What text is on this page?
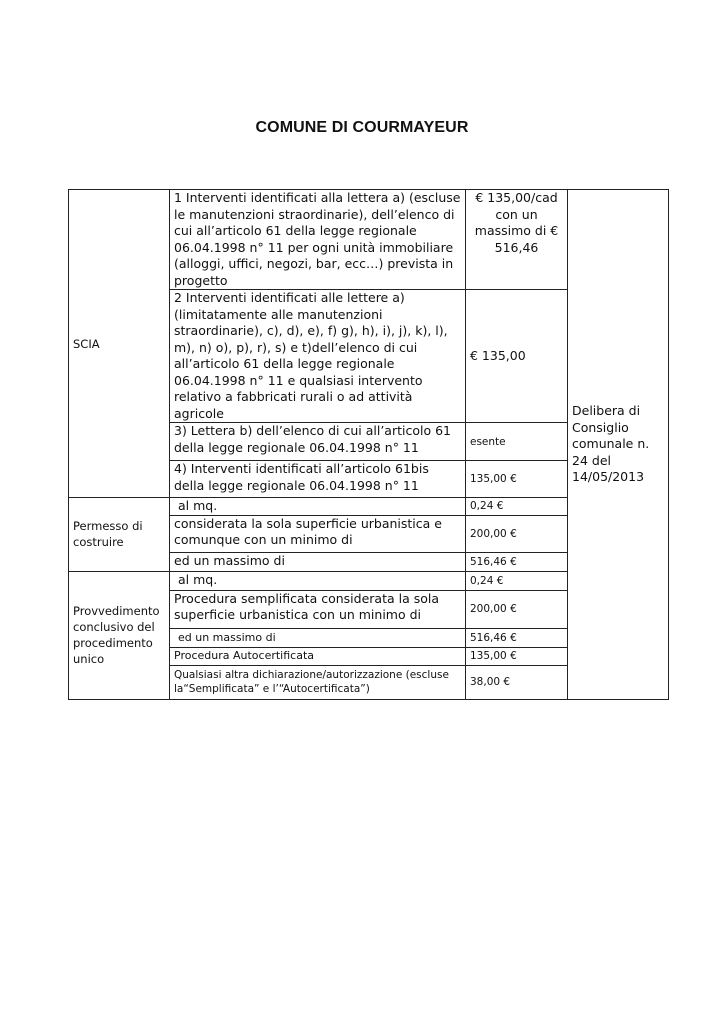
COMUNE DI COURMAYEUR
SCIA	1 Interventi identificati alla lettera a) (escluse le manutenzioni straordinarie), dell’elenco di cui all’articolo 61 della legge regionale 06.04.1998 n° 11 per ogni unità immobiliare (alloggi, uffici, negozi, bar, ecc…) prevista in progetto	€ 135,00/cad con un massimo di € 516,46	Delibera di Consiglio comunale n. 24 del 14/05/2013
	2 Interventi identificati alle lettere a) (limitatamente alle manutenzioni straordinarie), c), d), e), f) g), h), i), j), k), l), m), n) o), p), r), s) e t)dell’elenco di cui all’articolo 61 della legge regionale 06.04.1998 n° 11 e qualsiasi intervento relativo a fabbricati rurali o ad attività agricole	€ 135,00	
	3) Lettera b) dell’elenco di cui all’articolo 61 della legge regionale 06.04.1998 n° 11	esente	
	4) Interventi identificati all’articolo 61bis della legge regionale 06.04.1998 n° 11	135,00 €	
Permesso di costruire	al mq.	0,24 €	
	considerata la sola superficie urbanistica e comunque con un minimo di	200,00 €	
	ed un massimo di	516,46 €	
Provvedimento conclusivo del procedimento unico	al mq.	0,24 €	
	Procedura semplificata considerata la sola superficie urbanistica con un minimo di	200,00 €	
	ed un massimo di	516,46 €	
	Procedura Autocertificata	135,00 €	
	Qualsiasi altra dichiarazione/autorizzazione (escluse la“Semplificata” e l’“Autocertificata”)	38,00 €	
